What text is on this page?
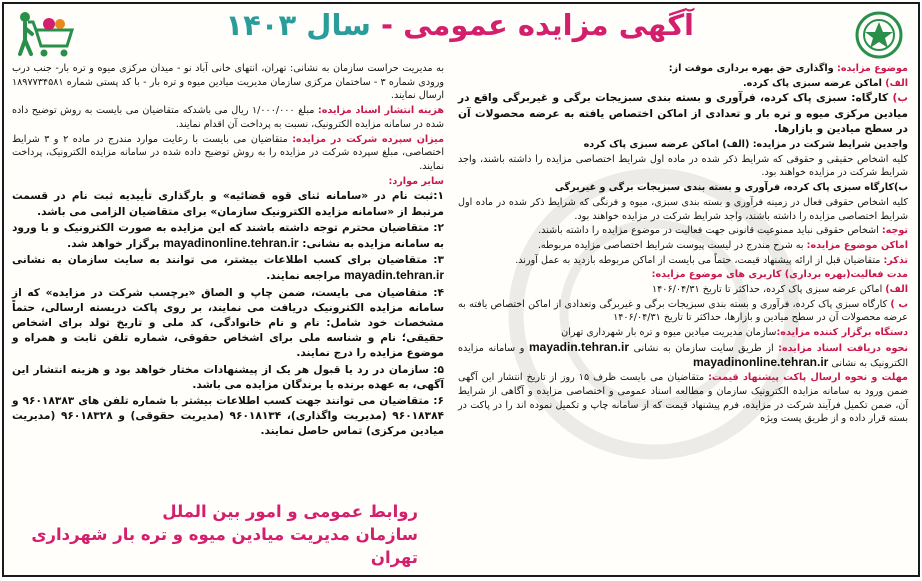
آگهی مزایده عمومی - سال ۱۴۰۳

موضوع مزایده: واگذاری حق بهره برداری موقت از:

الف) اماکن عرضه سبزی پاک کرده.

ب) کارگاه: سبزی پاک کرده، فرآوری و بسته بندی سبزیجات برگی و غیربرگی واقع در میادین مرکزی میوه و تره بار و تعدادی از اماکن اختصاص یافته به عرضه محصولات آن در سطح میادین و بازارها.

واجدین شرایط شرکت در مزایده: (الف) اماکن عرضه سبزی پاک کرده

کلیه اشخاص حقیقی و حقوقی که شرایط ذکر شده در ماده اول شرایط اختصاصی مزایده را داشته باشند، واجد شرایط شرکت در مزایده خواهند بود.

ب)کارگاه سبزی پاک کرده، فرآوری و بسته بندی سبزیجات برگی و غیربرگی

کلیه اشخاص حقوقی فعال در زمینه فرآوری و بسته بندی سبزی، میوه و فرنگی که شرایط ذکر شده در ماده اول شرایط اختصاصی مزایده را داشته باشند، واجد شرایط شرکت در مزایده خواهند بود.

توجه: اشخاص حقوقی نباید ممنوعیت قانونی جهت فعالیت در موضوع مزایده را داشته باشند.

اماکن موضوع مزایده: به شرح مندرج در لیست پیوست شرایط اختصاصی مزایده مربوطه.

تذکر: متقاضیان قبل از ارائه پیشنهاد قیمت، حتماً می بایست از اماکن مربوطه بازدید به عمل آورند.

مدت فعالیت(بهره برداری) کاربری های موضوع مزایده:

الف) اماکن عرضه سبزی پاک کرده، حداکثر تا تاریخ ۱۴۰۶/۰۴/۳۱

ب ) کارگاه سبزی پاک کرده، فرآوری و بسته بندی سبزیجات برگی و غیربرگی وتعدادی از اماکن اختصاص یافته به عرضه محصولات آن در سطح میادین و بازارها، حداکثر تا تاریخ ۱۴۰۶/۰۴/۳۱

دستگاه برگزار کننده مزایده:سازمان مدیریت میادین میوه و تره بار شهرداری تهران

نحوه دریافت اسناد مزایده: از طریق سایت سازمان به نشانی mayadin.tehran.ir و سامانه مزایده الکترونیک به نشانی mayadinonline.tehran.ir

مهلت و نحوه ارسال پاکت پیشنهاد قیمت: متقاضیان می بایست ظرف ۱۵ روز از تاریخ انتشار این آگهی ضمن ورود به سامانه مزایده الکترونیک سازمان و مطالعه اسناد عمومی و اختصاصی مزایده و آگاهی از شرایط آن، ضمن تکمیل فرآیند شرکت در مزایده، فرم پیشنهاد قیمت که از سامانه چاپ و تکمیل نموده اند را در پاکت در بسته قرار داده و از طریق پست ویژه

به مدیریت حراست سازمان به نشانی: تهران، انتهای خانی آباد نو - میدان مرکزی میوه و تره بار- جنب درب ورودی شماره ۳ - ساختمان مرکزی سازمان مدیریت میادین میوه و تره بار - با کد پستی شماره ۱۸۹۷۷۳۴۵۸۱ ارسال نمایند.

هزینه انتشار اسناد مزایده: مبلغ ۱/۰۰۰/۰۰۰ ریال می باشدکه متقاضیان می بایست به روش توضیح داده شده در سامانه مزایده الکترونیک، نسبت به پرداخت آن اقدام نمایند.

میزان سپرده شرکت در مزایده: متقاضیان می بایست با رعایت موارد مندرج در ماده ۲ و ۳ شرایط اختصاصی، مبلغ سپرده شرکت در مزایده را به روش توضیح داده شده در سامانه مزایده الکترونیک، پرداخت نمایند.

سایر موارد:

۱:ثبت نام در «سامانه ثنای قوه قضائیه» و بارگذاری تأییدیه ثبت نام در قسمت مرتبط از «سامانه مزایده الکترونیک سازمان» برای متقاضیان الزامی می باشد.

۲: متقاضیان محترم توجه داشته باشند که این مزایده به صورت الکترونیک و با ورود به سامانه مزایده به نشانی: mayadinonline.tehran.ir برگزار خواهد شد.

۳: متقاضیان برای کسب اطلاعات بیشتر، می توانند به سایت سازمان به نشانی mayadin.tehran.ir مراجعه نمایند.

۴: متقاضیان می بایست، ضمن چاپ و الصاق «برچسب شرکت در مزایده» که از سامانه مزایده الکترونیک دریافت می نمایند، بر روی پاکت دربسته ارسالی، حتماً مشخصات خود شامل: نام و نام خانوادگی، کد ملی و تاریخ تولد برای اشخاص حقیقی؛ نام و شناسه ملی برای اشخاص حقوقی، شماره تلفن ثابت و همراه و موضوع مزایده را درج نمایند.

۵: سازمان در رد یا قبول هر یک از پیشنهادات مختار خواهد بود و هزینه انتشار این آگهی، به عهده برنده یا برندگان مزایده می باشد.

۶: متقاضیان می توانند جهت کسب اطلاعات بیشتر با شماره تلفن های ۹۶۰۱۸۳۸۳ و ۹۶۰۱۸۳۸۴ (مدیریت واگذاری)، ۹۶۰۱۸۱۳۴ (مدیریت حقوقی) و ۹۶۰۱۸۳۲۸ (مدیریت میادین مرکزی) تماس حاصل نمایند.

روابط عمومی و امور بین الملل

سازمان مدیریت میادین میوه و تره بار شهرداری تهران
